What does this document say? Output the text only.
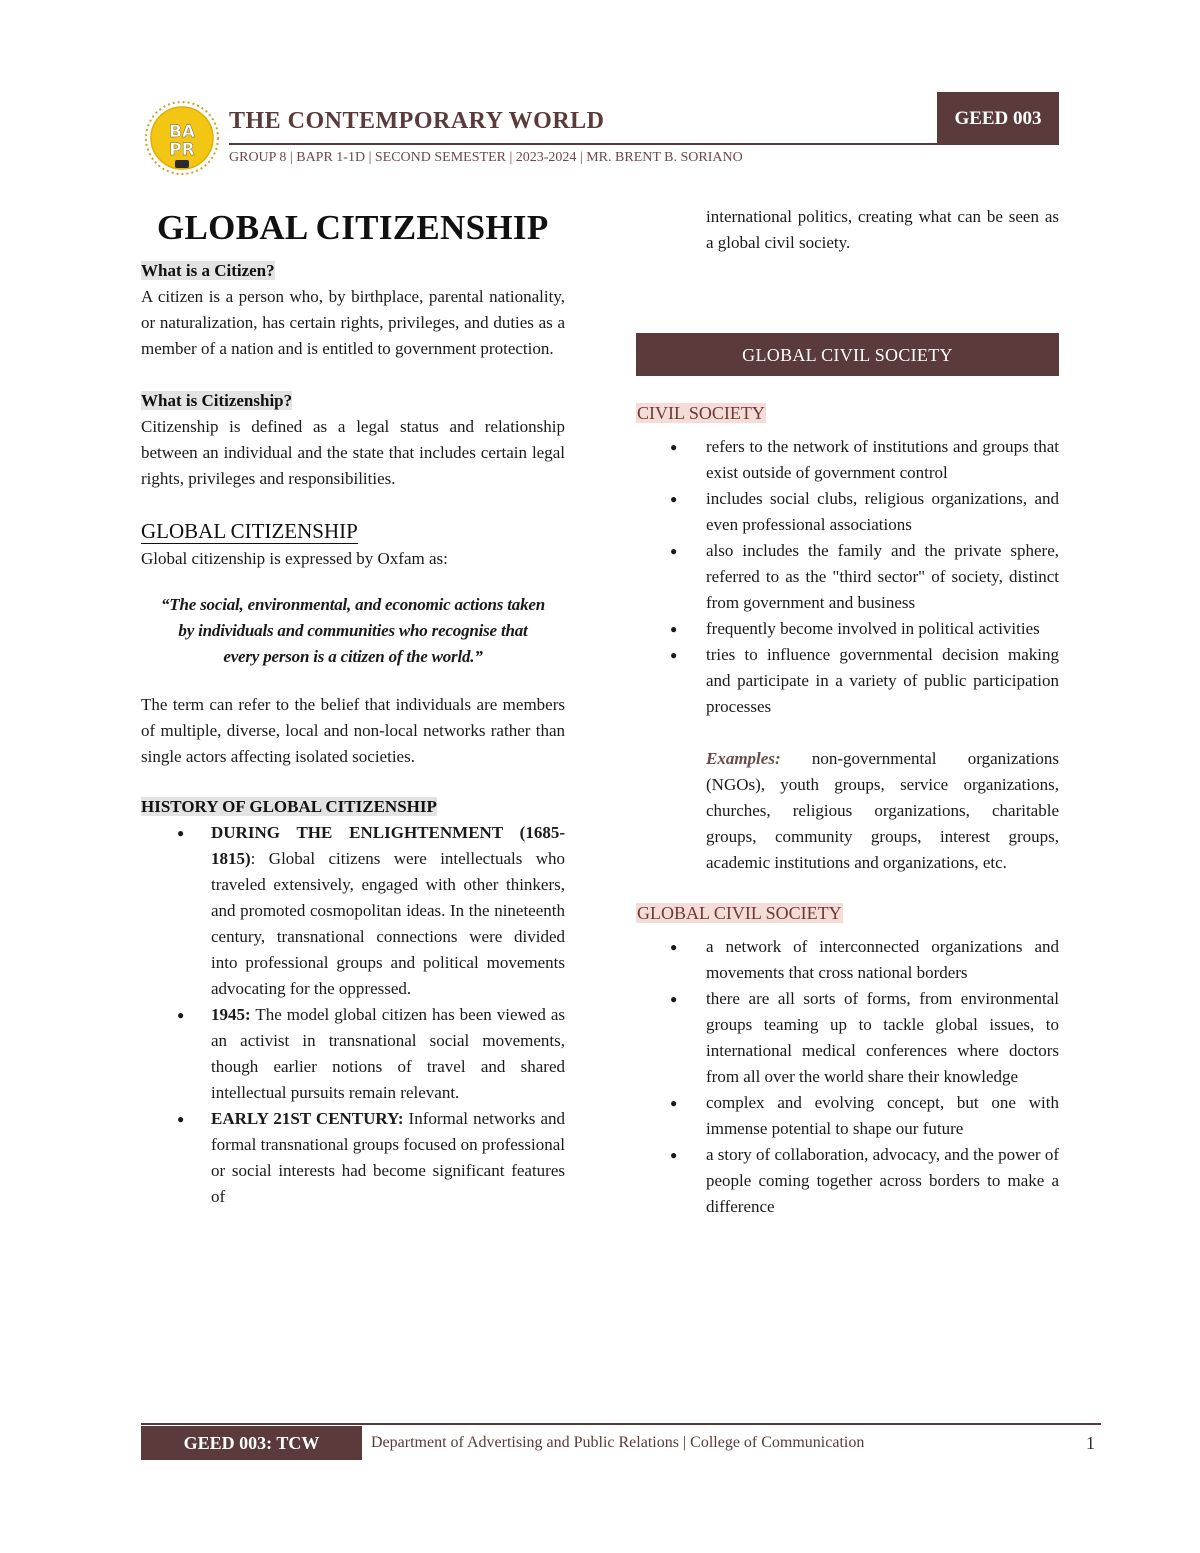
BA
PR
THE CONTEMPORARY WORLD
GROUP 8 | BAPR 1-1D | SECOND SEMESTER | 2023-2024 | MR. BRENT B. SORIANO
GEED 003
GLOBAL CITIZENSHIP
What is a Citizen?

A citizen is a person who, by birthplace, parental nationality, or naturalization, has certain rights, privileges, and duties as a member of a nation and is entitled to government protection.

What is Citizenship?

Citizenship is defined as a legal status and relationship between an individual and the state that includes certain legal rights, privileges and responsibilities.

GLOBAL CITIZENSHIP

Global citizenship is expressed by Oxfam as:

“The social, environmental, and economic actions taken by individuals and communities who recognise that every person is a citizen of the world.”

The term can refer to the belief that individuals are members of multiple, diverse, local and non-local networks rather than single actors affecting isolated societies.

HISTORY OF GLOBAL CITIZENSHIP
● DURING THE ENLIGHTENMENT (1685-1815): Global citizens were intellectuals who traveled extensively, engaged with other thinkers, and promoted cosmopolitan ideas. In the nineteenth century, transnational connections were divided into professional groups and political movements advocating for the oppressed.
● 1945: The model global citizen has been viewed as an activist in transnational social movements, though earlier notions of travel and shared intellectual pursuits remain relevant.
● EARLY 21ST CENTURY: Informal networks and formal transnational groups focused on professional or social interests had become significant features of

international politics, creating what can be seen as a global civil society.

GLOBAL CIVIL SOCIETY
CIVIL SOCIETY
● refers to the network of institutions and groups that exist outside of government control
● includes social clubs, religious organizations, and even professional associations
● also includes the family and the private sphere, referred to as the "third sector" of society, distinct from government and business
● frequently become involved in political activities
● tries to influence governmental decision making and participate in a variety of public participation processes

Examples: non-governmental organizations (NGOs), youth groups, service organizations, churches, religious organizations, charitable groups, community groups, interest groups, academic institutions and organizations, etc.

GLOBAL CIVIL SOCIETY
● a network of interconnected organizations and movements that cross national borders
● there are all sorts of forms, from environmental groups teaming up to tackle global issues, to international medical conferences where doctors from all over the world share their knowledge
● complex and evolving concept, but one with immense potential to shape our future
● a story of collaboration, advocacy, and the power of people coming together across borders to make a difference
GEED 003: TCW	Department of Advertising and Public Relations | College of Communication	1
